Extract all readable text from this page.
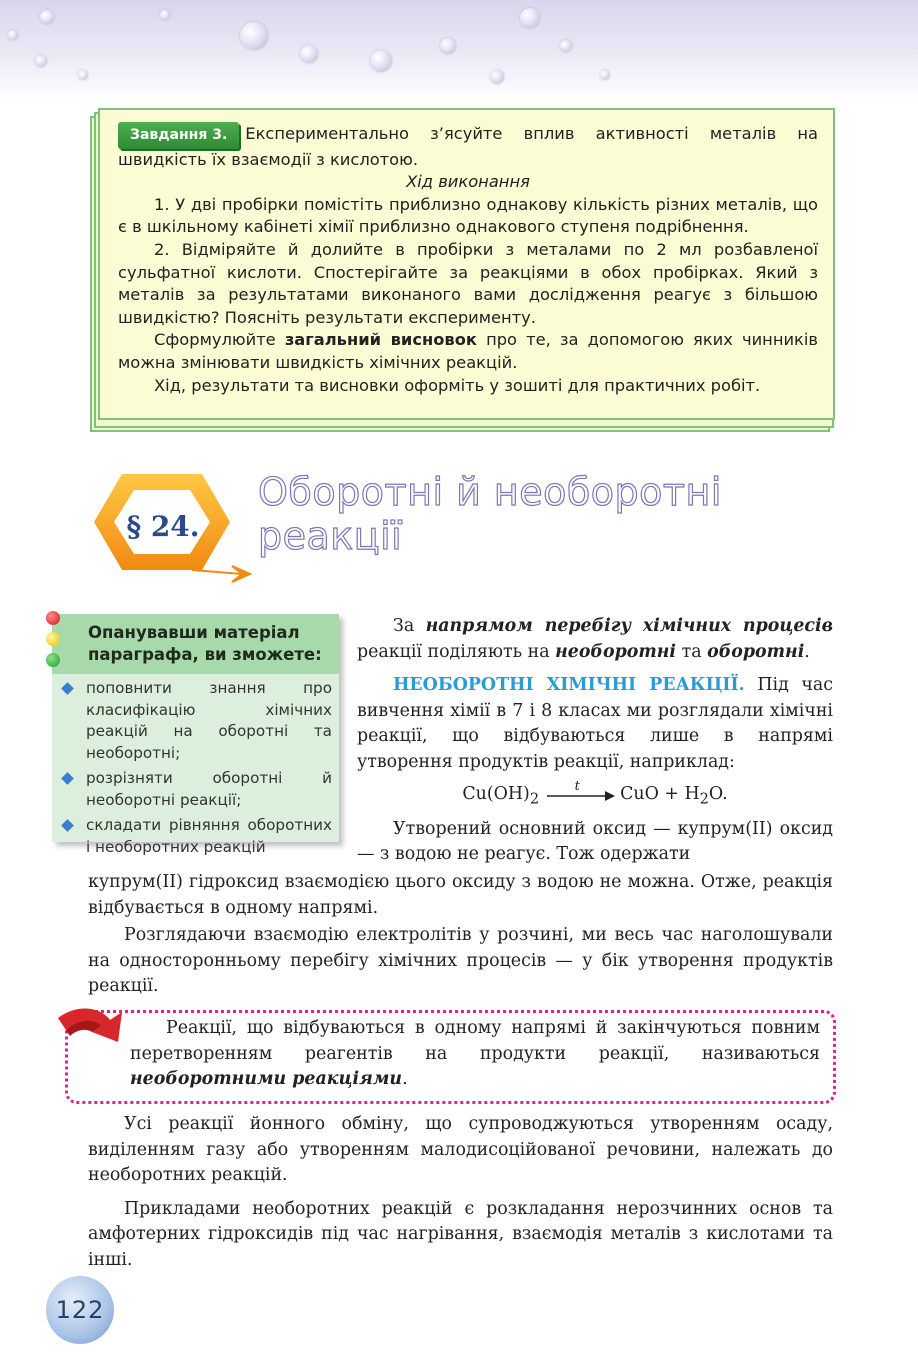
Завдання 3. Експериментально з’ясуйте вплив активності металів на швидкість їх взаємодії з кислотою.

Хід виконання

1. У дві пробірки помістіть приблизно однакову кількість різних металів, що є в шкільному кабінеті хімії приблизно однакового ступеня подрібнення.

2. Відміряйте й долийте в пробірки з металами по 2 мл розбавленої сульфатної кислоти. Спостерігайте за реакціями в обох пробірках. Який з металів за результатами виконаного вами дослідження реагує з більшою швидкістю? Поясніть результати експерименту.

Сформулюйте загальний висновок про те, за допомогою яких чинників можна змінювати швидкість хімічних реакцій.

Хід, результати та висновки оформіть у зошиті для практичних робіт.

§ 24.
Оборотні й необоротні
реакції
Опанувавши матеріал параграфа, ви зможете:
поповнити знання про класифікацію хімічних реакцій на оборотні та необоротні;
розрізняти оборотні й необоротні реакції;
складати рівняння оборотних і необоротних реакцій

За напрямом перебігу хімічних процесів реакції поділяють на необоротні та оборотні.

НЕОБОРОТНІ ХІМІЧНІ РЕАКЦІЇ. Під час вивчення хімії в 7 і 8 класах ми розглядали хімічні реакції, що відбуваються лише в напрямі утворення продуктів реакції, наприклад:

$Cu(OH)_2$
t CuO + $H_2O$.

Утворений основний оксид — купрум(II) оксид — з водою не реагує. Тож одержати

купрум(II) гідроксид взаємодією цього оксиду з водою не можна. Отже, реакція відбувається в одному напрямі.

Розглядаючи взаємодію електролітів у розчині, ми весь час наголошували на односторонньому перебігу хімічних процесів — у бік утворення продуктів реакції.

Реакції, що відбуваються в одному напрямі й закінчуються повним перетворенням реагентів на продукти реакції, називаються необоротними реакціями.

Усі реакції йонного обміну, що супроводжуються утворенням осаду, виділенням газу або утворенням малодисоційованої речовини, належать до необоротних реакцій.

Прикладами необоротних реакцій є розкладання нерозчинних основ та амфотерних гідроксидів під час нагрівання, взаємодія металів з кислотами та інші.

122
